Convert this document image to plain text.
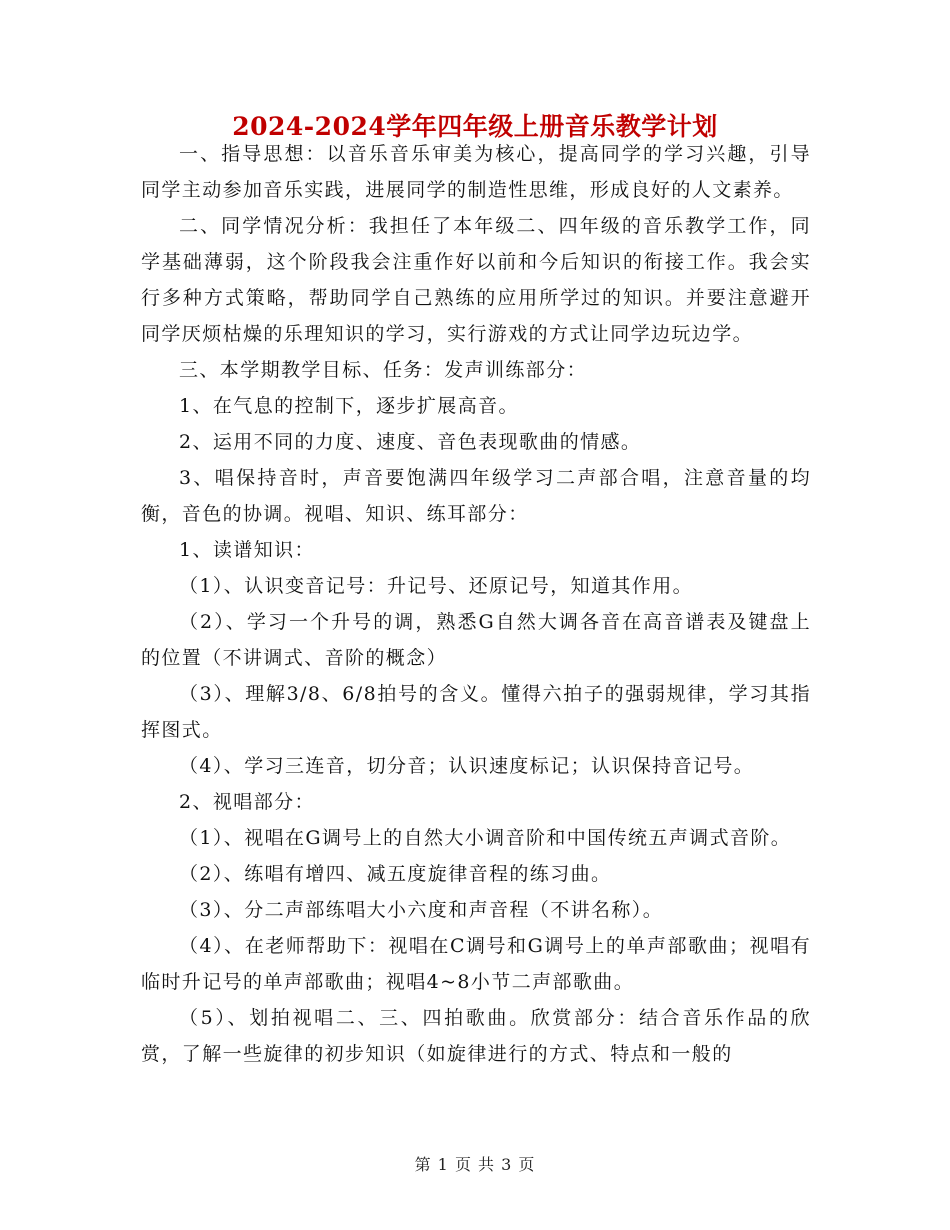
2024-2024学年四年级上册音乐教学计划

一、指导思想：以音乐音乐审美为核心，提高同学的学习兴趣，引导同学主动参加音乐实践，进展同学的制造性思维，形成良好的人文素养。

二、同学情况分析：我担任了本年级二、四年级的音乐教学工作，同学基础薄弱，这个阶段我会注重作好以前和今后知识的衔接工作。我会实行多种方式策略，帮助同学自己熟练的应用所学过的知识。并要注意避开同学厌烦枯燥的乐理知识的学习，实行游戏的方式让同学边玩边学。

三、本学期教学目标、任务：发声训练部分：

1、在气息的控制下，逐步扩展高音。

2、运用不同的力度、速度、音色表现歌曲的情感。

3、唱保持音时，声音要饱满四年级学习二声部合唱，注意音量的均衡，音色的协调。视唱、知识、练耳部分：

1、读谱知识：

（1）、认识变音记号：升记号、还原记号，知道其作用。

（2）、学习一个升号的调，熟悉G自然大调各音在高音谱表及键盘上的位置（不讲调式、音阶的概念）

（3）、理解3/8、6/8拍号的含义。懂得六拍子的强弱规律，学习其指挥图式。

（4）、学习三连音，切分音；认识速度标记；认识保持音记号。

2、视唱部分：

（1）、视唱在G调号上的自然大小调音阶和中国传统五声调式音阶。

（2）、练唱有增四、减五度旋律音程的练习曲。

（3）、分二声部练唱大小六度和声音程（不讲名称）。

（4）、在老师帮助下：视唱在C调号和G调号上的单声部歌曲；视唱有临时升记号的单声部歌曲；视唱4~8小节二声部歌曲。

（5）、划拍视唱二、三、四拍歌曲。欣赏部分：结合音乐作品的欣赏，了解一些旋律的初步知识（如旋律进行的方式、特点和一般的

第 1 页 共 3 页
